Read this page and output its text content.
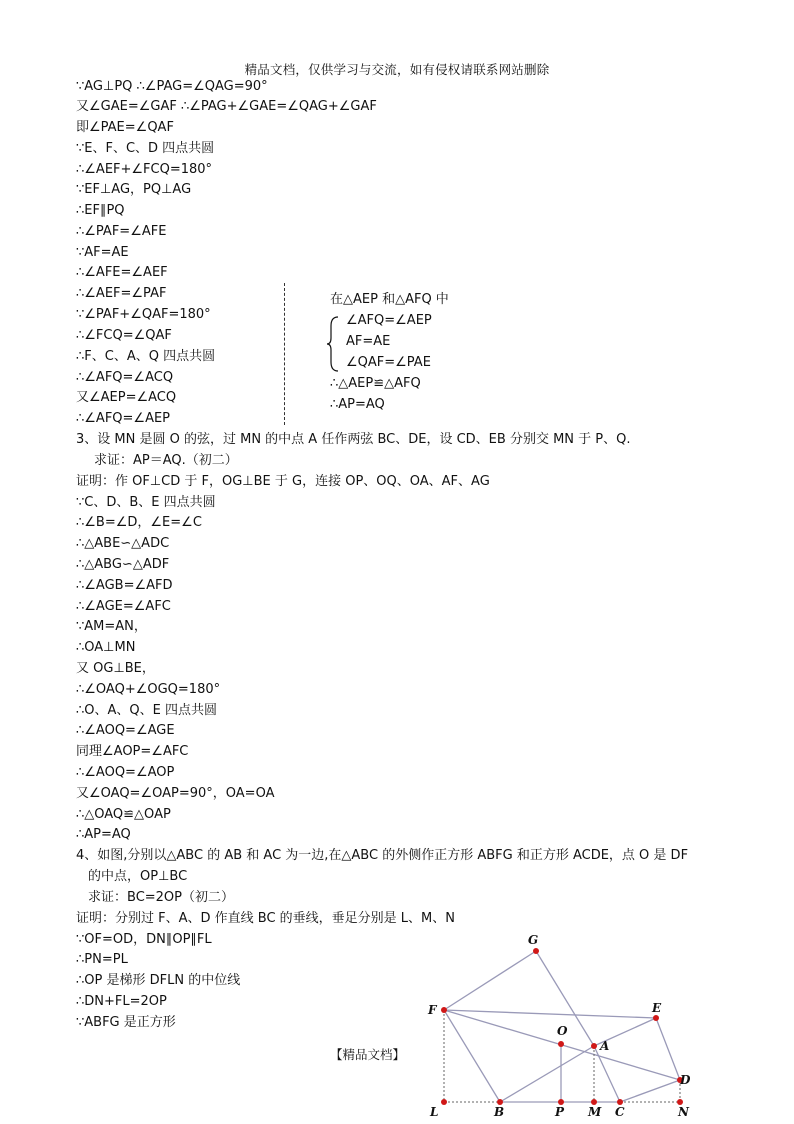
精品文档，仅供学习与交流，如有侵权请联系网站删除
∵AG⊥PQ ∴∠PAG=∠QAG=90°
又∠GAE=∠GAF ∴∠PAG+∠GAE=∠QAG+∠GAF
即∠PAE=∠QAF
∵E、F、C、D 四点共圆
∴∠AEF+∠FCQ=180°
∵EF⊥AG，PQ⊥AG
∴EF∥PQ
∴∠PAF=∠AFE
∵AF=AE
∴∠AFE=∠AEF
∴∠AEF=∠PAF
∵∠PAF+∠QAF=180°
∴∠FCQ=∠QAF
∴F、C、A、Q 四点共圆
∴∠AFQ=∠ACQ
又∠AEP=∠ACQ
∴∠AFQ=∠AEP
在△AEP 和△AFQ 中
∠AFQ=∠AEP
AF=AE
∠QAF=∠PAE
∴△AEP≌△AFQ
∴AP=AQ
3、设 MN 是圆 O 的弦，过 MN 的中点 A 任作两弦 BC、DE，设 CD、EB 分别交 MN 于 P、Q.
求证：AP＝AQ.（初二）
证明：作 OF⊥CD 于 F，OG⊥BE 于 G，连接 OP、OQ、OA、AF、AG
∵C、D、B、E 四点共圆
∴∠B=∠D，∠E=∠C
∴△ABE∽△ADC
∴△ABG∽△ADF
∴∠AGB=∠AFD
∴∠AGE=∠AFC
∵AM=AN，
∴OA⊥MN
又 OG⊥BE，
∴∠OAQ+∠OGQ=180°
∴O、A、Q、E 四点共圆
∴∠AOQ=∠AGE
同理∠AOP=∠AFC
∴∠AOQ=∠AOP
又∠OAQ=∠OAP=90°，OA=OA
∴△OAQ≌△OAP
∴AP=AQ
4、如图,分别以△ABC 的 AB 和 AC 为一边,在△ABC 的外侧作正方形 ABFG 和正方形 ACDE，点 O 是 DF
的中点，OP⊥BC
求证：BC=2OP（初二）
证明：分别过 F、A、D 作直线 BC 的垂线，垂足分别是 L、M、N
∵OF=OD，DN∥OP∥FL
∴PN=PL
∴OP 是梯形 DFLN 的中位线
∴DN+FL=2OP
∵ABFG 是正方形
【精品文档】
G
F	E
O
A
D
L	B	P M C	N
